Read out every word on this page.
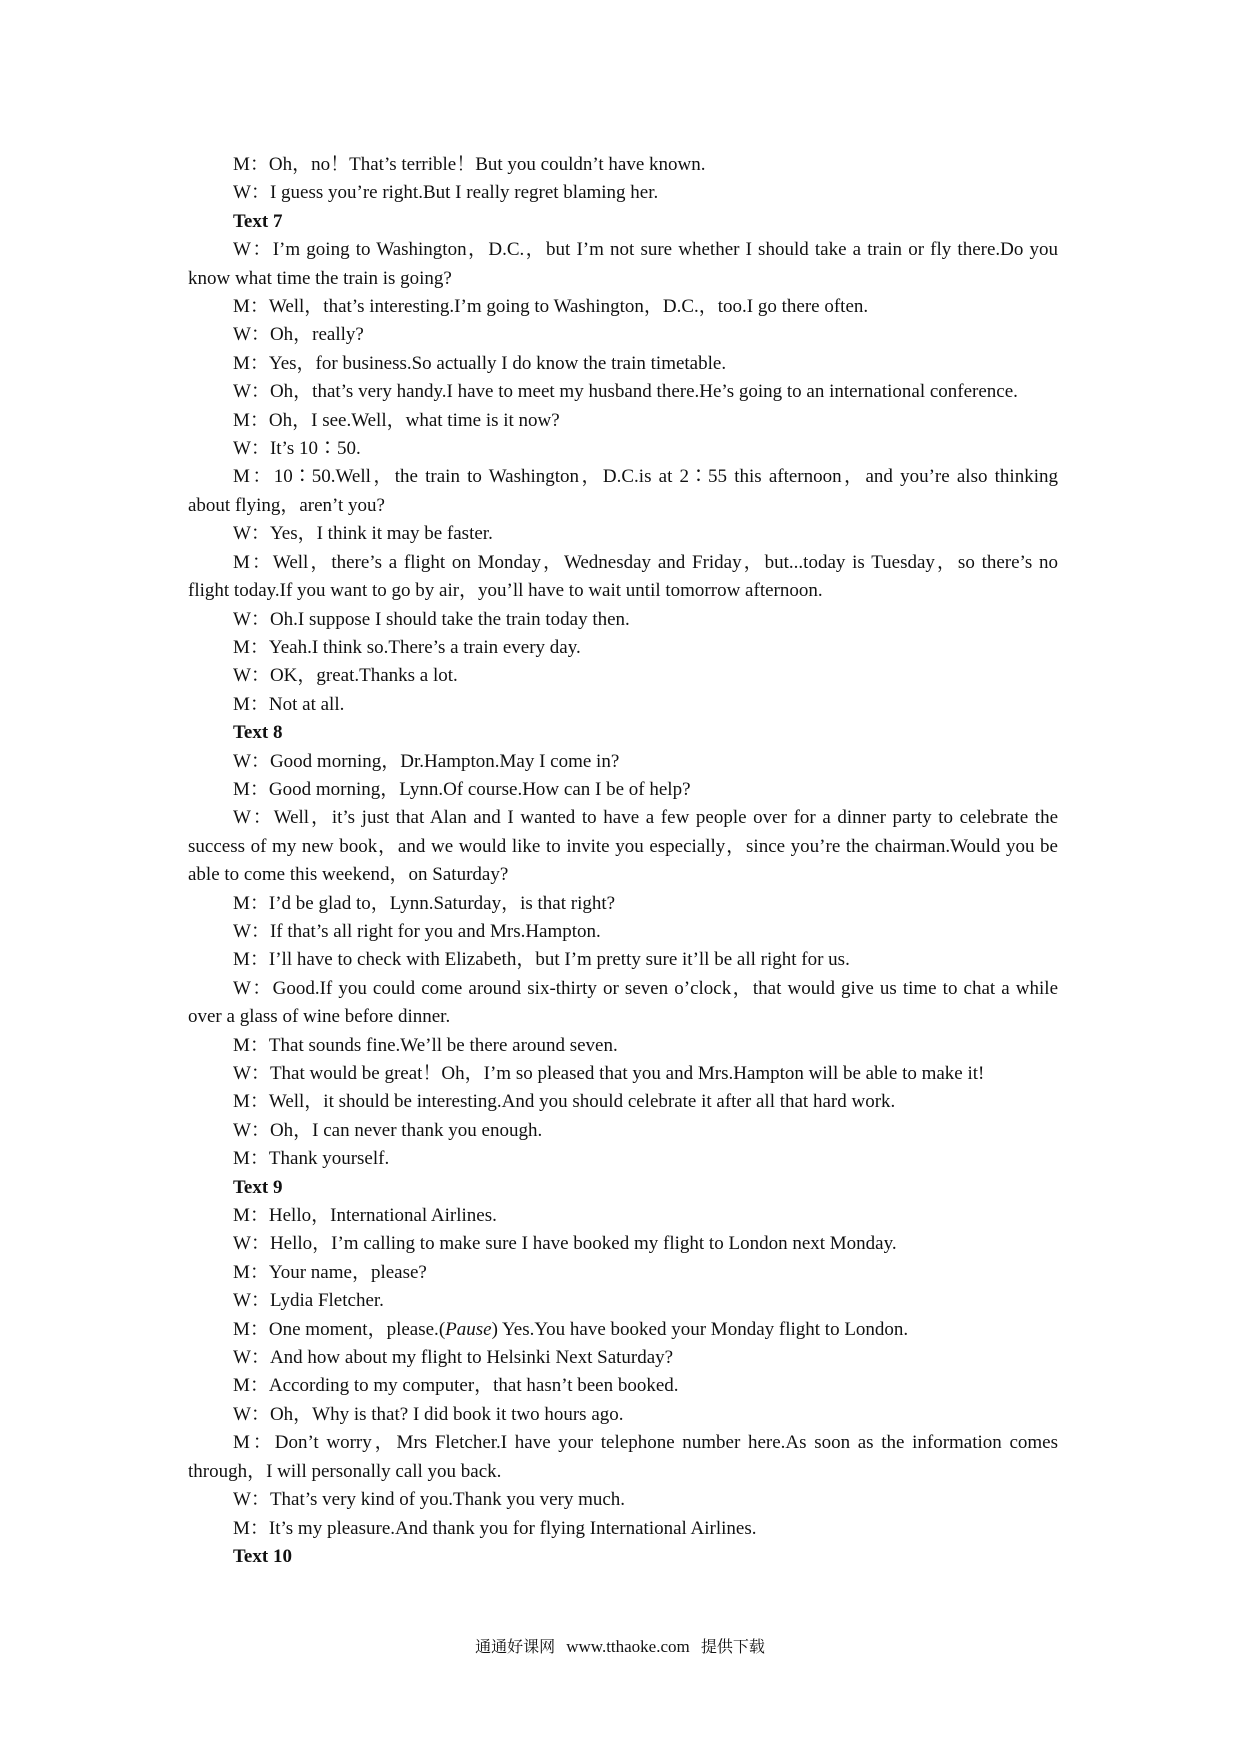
M：Oh，no！That’s terrible！But you couldn’t have known.

W：I guess you’re right.But I really regret blaming her.

Text 7

W：I’m going to Washington，D.C.，but I’m not sure whether I should take a train or fly there.Do you know what time the train is going?

M：Well，that’s interesting.I’m going to Washington，D.C.，too.I go there often.

W：Oh，really?

M：Yes，for business.So actually I do know the train timetable.

W：Oh，that’s very handy.I have to meet my husband there.He’s going to an international conference.

M：Oh，I see.Well，what time is it now?

W：It’s 10∶50.

M：10∶50.Well，the train to Washington，D.C.is at 2∶55 this afternoon，and you’re also thinking about flying，aren’t you?

W：Yes，I think it may be faster.

M：Well，there’s a flight on Monday，Wednesday and Friday，but...today is Tuesday，so there’s no flight today.If you want to go by air，you’ll have to wait until tomorrow afternoon.

W：Oh.I suppose I should take the train today then.

M：Yeah.I think so.There’s a train every day.

W：OK，great.Thanks a lot.

M：Not at all.

Text 8

W：Good morning，Dr.Hampton.May I come in?

M：Good morning，Lynn.Of course.How can I be of help?

W：Well，it’s just that Alan and I wanted to have a few people over for a dinner party to celebrate the success of my new book，and we would like to invite you especially，since you’re the chairman.Would you be able to come this weekend，on Saturday?

M：I’d be glad to，Lynn.Saturday，is that right?

W：If that’s all right for you and Mrs.Hampton.

M：I’ll have to check with Elizabeth，but I’m pretty sure it’ll be all right for us.

W：Good.If you could come around six-thirty or seven o’clock，that would give us time to chat a while over a glass of wine before dinner.

M：That sounds fine.We’ll be there around seven.

W：That would be great！Oh，I’m so pleased that you and Mrs.Hampton will be able to make it!

M：Well，it should be interesting.And you should celebrate it after all that hard work.

W：Oh，I can never thank you enough.

M：Thank yourself.

Text 9

M：Hello，International Airlines.

W：Hello，I’m calling to make sure I have booked my flight to London next Monday.

M：Your name，please?

W：Lydia Fletcher.

M：One moment，please.(Pause) Yes.You have booked your Monday flight to London.

W：And how about my flight to Helsinki Next Saturday?

M：According to my computer，that hasn’t been booked.

W：Oh，Why is that? I did book it two hours ago.

M：Don’t worry，Mrs Fletcher.I have your telephone number here.As soon as the information comes through，I will personally call you back.

W：That’s very kind of you.Thank you very much.

M：It’s my pleasure.And thank you for flying International Airlines.

Text 10

通通好课网 www.tthaoke.com 提供下载
